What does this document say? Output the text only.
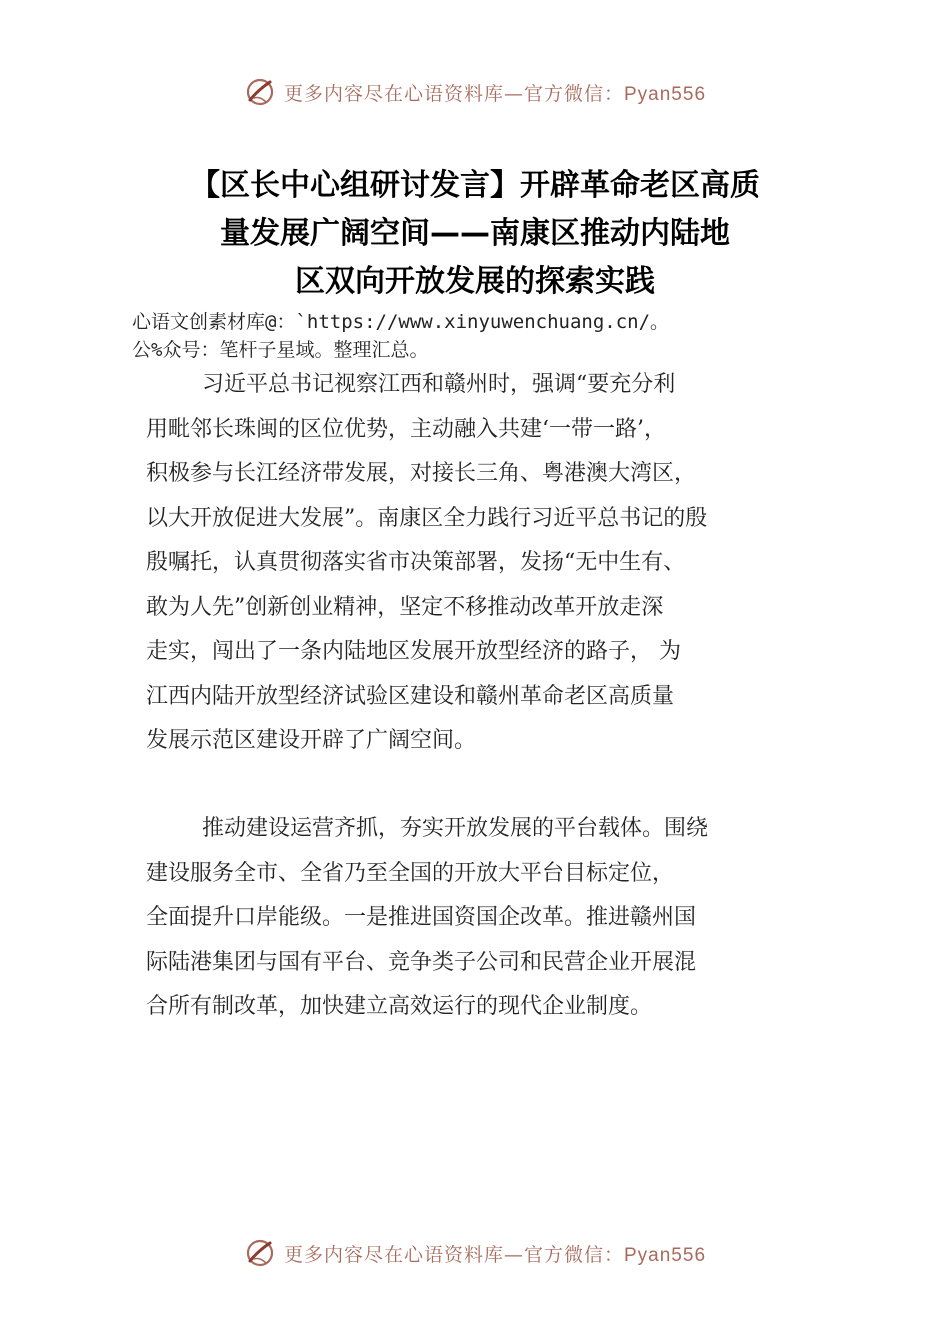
更多内容尽在心语资料库—官方微信：Pyan556
【区长中心组研讨发言】开辟革命老区高质
量发展广阔空间——南康区推动内陆地
区双向开放发展的探索实践
心语文创素材库@：`https://www.xinyuwenchuang.cn/。
公%众号：笔杆子星域。整理汇总。
习近平总书记视察江西和赣州时，强调“要充分利
用毗邻长珠闽的区位优势，主动融入共建‘一带一路’，
积极参与长江经济带发展，对接长三角、粤港澳大湾区，
以大开放促进大发展”。南康区全力践行习近平总书记的殷
殷嘱托，认真贯彻落实省市决策部署，发扬“无中生有、
敢为人先”创新创业精神，坚定不移推动改革开放走深
走实，闯出了一条内陆地区发展开放型经济的路子， 为
江西内陆开放型经济试验区建设和赣州革命老区高质量
发展示范区建设开辟了广阔空间。
推动建设运营齐抓，夯实开放发展的平台载体。围绕
建设服务全市、全省乃至全国的开放大平台目标定位，
全面提升口岸能级。一是推进国资国企改革。推进赣州国
际陆港集团与国有平台、竞争类子公司和民营企业开展混
合所有制改革，加快建立高效运行的现代企业制度。
更多内容尽在心语资料库—官方微信：Pyan556
